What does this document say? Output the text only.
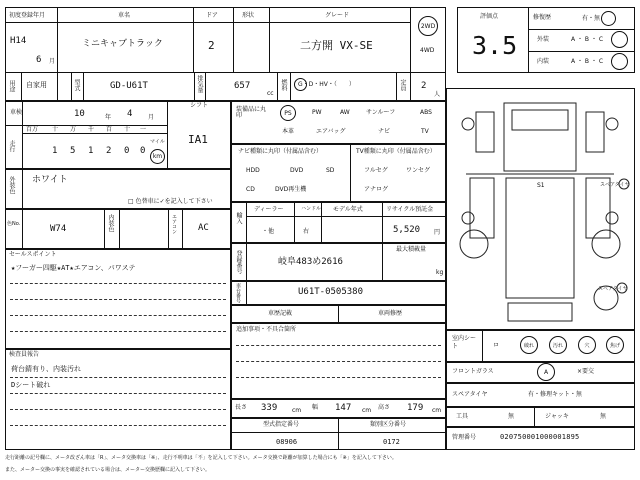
初度登録年月
H14
6 月
車名
ミニキャブトラック
ドア
2
形状	グレード
二方開 VX-SE
2WD
4WD
用途 自家用	型式	GD-U61T	排気量	657
cc
燃料 G・D・HV・（　　）	定員 2
人
車検	10	年 4	月
シフト
IA1
走行
百万 十 万 千 百 十 一
1 5 1 2 0 0
マイル
km
外装色 ホワイト
□ 色替車に✓を記入して下さい
色No.	W74	内装色	エアコン AC
セールスポイント
★フーガー四駆★AT★エアコン、パワステ
検査員報告
荷台錆有り、内装汚れ
Dシート破れ
装備品に丸印	PS	PW	AW	サンルーフ	ABS
本革	エアバッグ	ナビ	TV
ナビ種類に丸印（付属品含む）
HDD	DVD	SD
CD	DVD再生機
TV種類に丸印（付属品含む）
フルセグ	ワンセグ
アナログ
輸入
ディーラー
・他
ハンドル
右
モデル年式	リサイクル預託金
5,520 円
登録番号	岐阜483め2616
最大積載量
kg
車台番号	U61T-0505380
車歴記載	車両修歴
追加事項・不具合箇所
長さ 339 cm 幅 147 cm 高さ 179 cm
型式指定番号
08906
類別区分番号
0172
評価点
3.5
修復歴	有・無
外装	A ・ B ・ C
内装	A ・ B ・ C
S1	スペアタイヤ
スペアタイヤ
室内シート	ロ	破れ	汚れ	穴	焦げ
フロントガラス	A	×要交
スペアタイヤ	有・修理キット・無
工具	無	ジャッキ	無
管理番号	020750001000001895
走行距離の記号欄に、メータ改ざん車は「R」、メータ交換車は「※」、走行不明車は「不」を記入して下さい。メータ交換で距離が加算した場合にも「※」を記入して下さい。
また、メーター交換の事実を確認されている場合は、メーター交換歴欄に記入して下さい。
